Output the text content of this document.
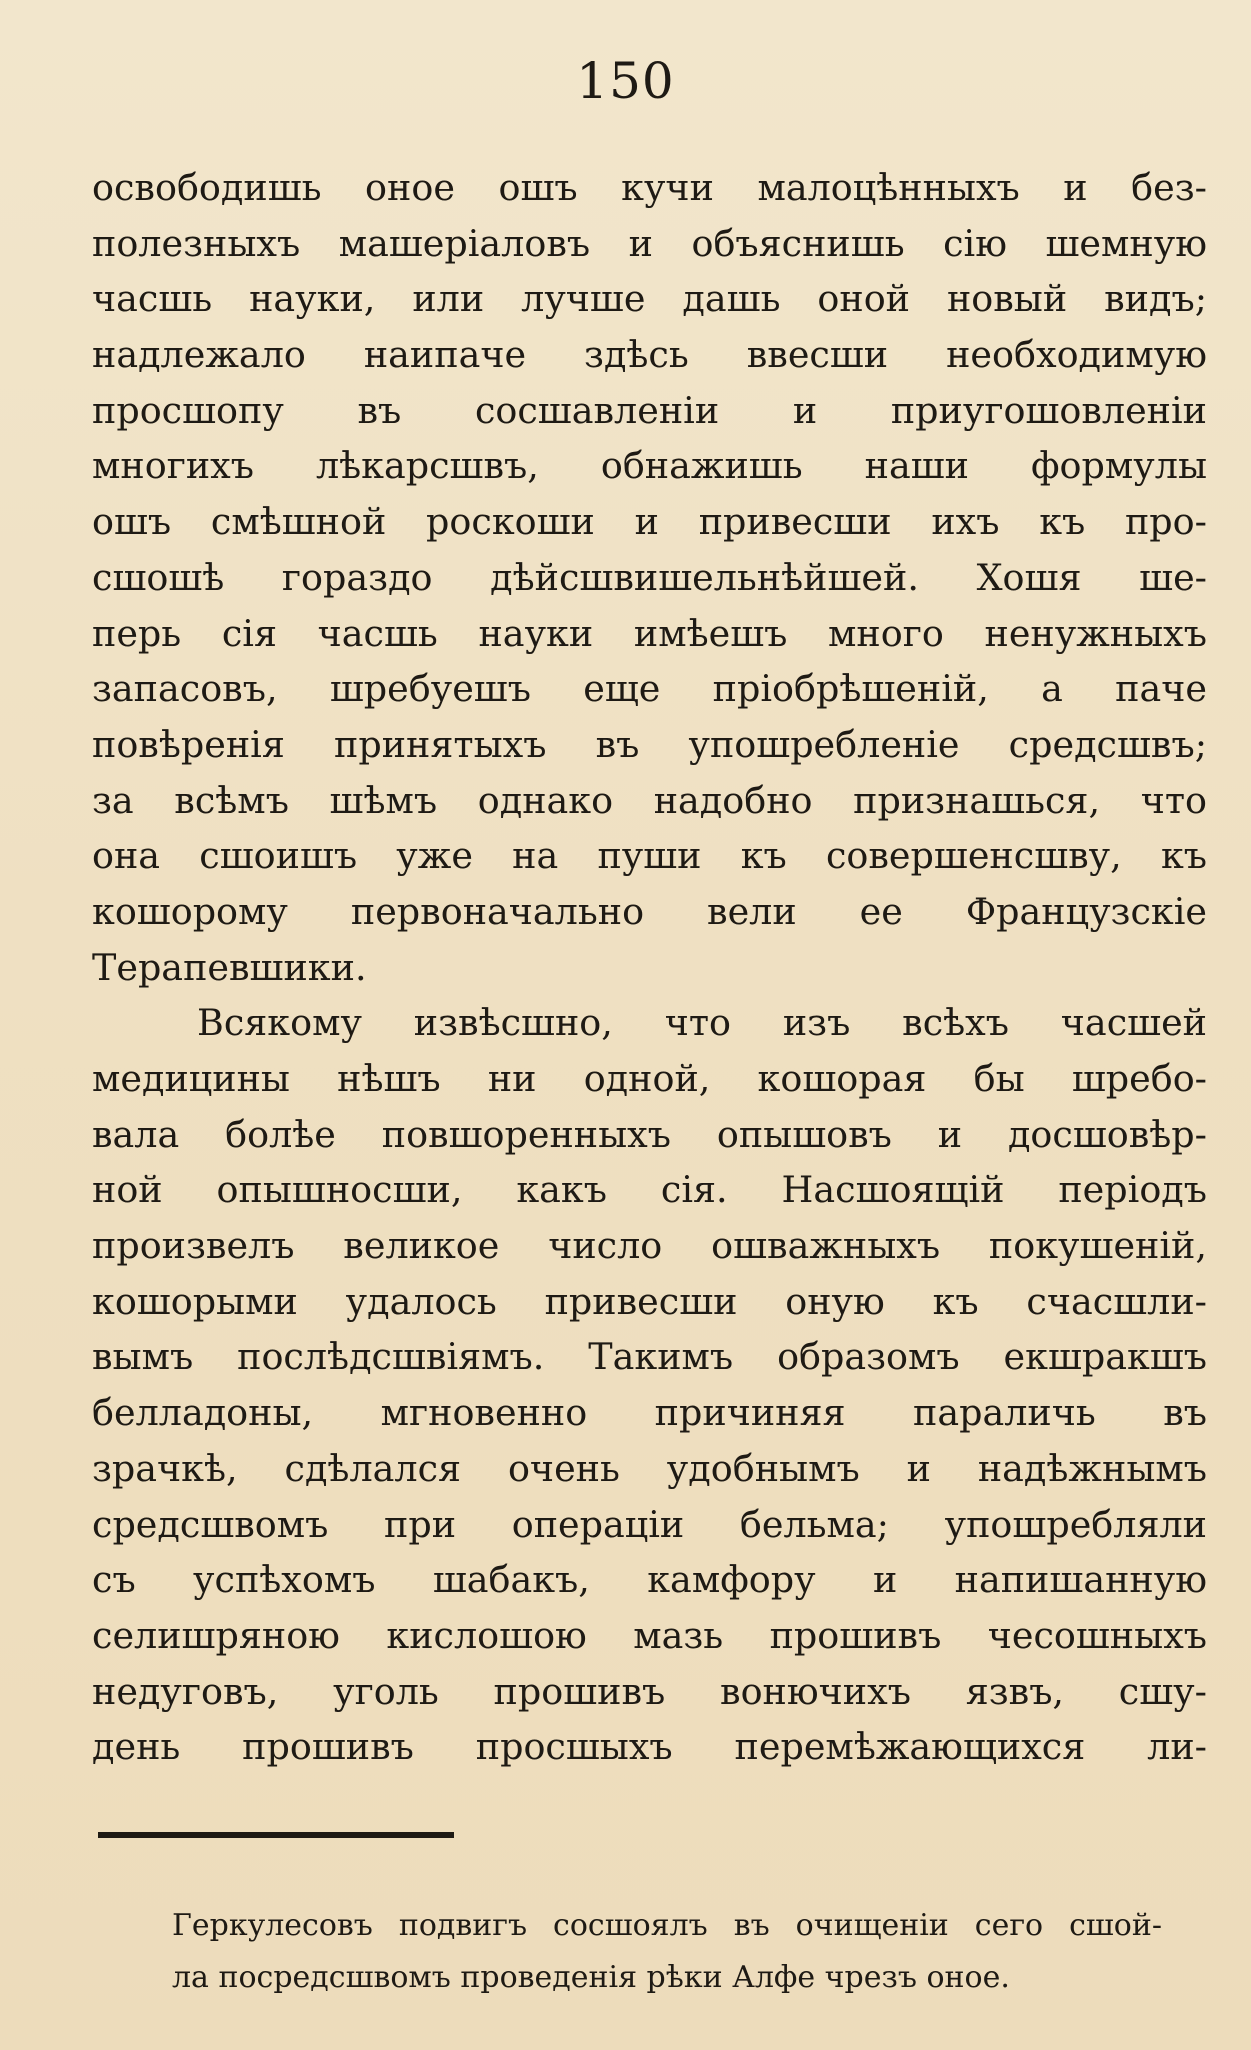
150
освободишь оное ошъ кучи малоцѣнныхъ и без-
полезныхъ машеріаловъ и объяснишь сію шемную
часшь науки, или лучше дашь оной новый видъ;
надлежало наипаче здѣсь ввесши необходимую
просшопу въ сосшавленіи и приугошовленіи
многихъ лѣкарсшвъ, обнажишь наши формулы
ошъ смѣшной роскоши и привесши ихъ къ про-
сшошѣ гораздо дѣйсшвишельнѣйшей. Хошя ше-
перь сія часшь науки имѣешъ много ненужныхъ
запасовъ, шребуешъ еще пріобрѣшеній, а паче
повѣренія принятыхъ въ упошребленіе средсшвъ;
за всѣмъ шѣмъ однако надобно признашься, что
она сшоишъ уже на пуши къ совершенсшву, къ
кошорому первоначально вели ее Французскіе
Терапевшики.
Всякому извѣсшно, что изъ всѣхъ часшей
медицины нѣшъ ни одной, кошорая бы шребо-
вала болѣе повшоренныхъ опышовъ и досшовѣр-
ной опышносши, какъ сія. Насшоящій періодъ
произвелъ великое число ошважныхъ покушеній,
кошорыми удалось привесши оную къ счасшли-
вымъ послѣдсшвіямъ. Такимъ образомъ екшракшъ
белладоны, мгновенно причиняя параличь въ
зрачкѣ, сдѣлался очень удобнымъ и надѣжнымъ
средсшвомъ при операціи бельма; упошребляли
съ успѣхомъ шабакъ, камфору и напишанную
селишряною кислошою мазь прошивъ чесошныхъ
недуговъ, уголь прошивъ вонючихъ язвъ, сшу-
день прошивъ просшыхъ перемѣжающихся ли-
Геркулесовъ подвигъ сосшоялъ въ очищеніи сего сшой-
ла посредсшвомъ проведенія рѣки Алфе чрезъ оное.
